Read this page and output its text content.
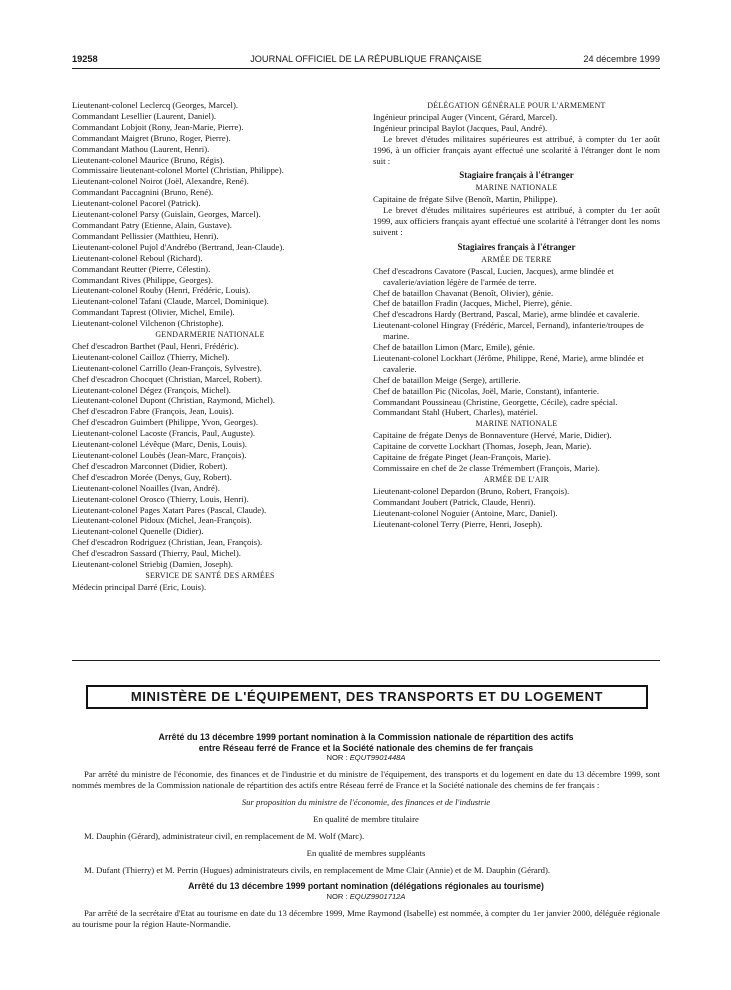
19258	JOURNAL OFFICIEL DE LA RÉPUBLIQUE FRANÇAISE	24 décembre 1999
Lieutenant-colonel Leclercq (Georges, Marcel).
Commandant Lesellier (Laurent, Daniel).
Commandant Lobjoit (Rony, Jean-Marie, Pierre).
Commandant Maigret (Bruno, Roger, Pierre).
Commandant Mathou (Laurent, Henri).
Lieutenant-colonel Maurice (Bruno, Régis).
Commissaire lieutenant-colonel Mortel (Christian, Philippe).
Lieutenant-colonel Noirot (Joël, Alexandre, René).
Commandant Paccagnini (Bruno, René).
Lieutenant-colonel Pacorel (Patrick).
Lieutenant-colonel Parsy (Guislain, Georges, Marcel).
Commandant Patry (Etienne, Alain, Gustave).
Commandant Pellissier (Matthieu, Henri).
Lieutenant-colonel Pujol d'Andrébo (Bertrand, Jean-Claude).
Lieutenant-colonel Reboul (Richard).
Commandant Reutter (Pierre, Célestin).
Commandant Rives (Philippe, Georges).
Lieutenant-colonel Rouby (Henri, Frédéric, Louis).
Lieutenant-colonel Tafani (Claude, Marcel, Dominique).
Commandant Taprest (Olivier, Michel, Emile).
Lieutenant-colonel Vilchenon (Christophe).
GENDARMERIE NATIONALE
Chef d'escadron Barthet (Paul, Henri, Frédéric).
Lieutenant-colonel Cailloz (Thierry, Michel).
Lieutenant-colonel Carrillo (Jean-François, Sylvestre).
Chef d'escadron Chocquet (Christian, Marcel, Robert).
Lieutenant-colonel Dégez (François, Michel).
Lieutenant-colonel Dupont (Christian, Raymond, Michel).
Chef d'escadron Fabre (François, Jean, Louis).
Chef d'escadron Guimbert (Philippe, Yvon, Georges).
Lieutenant-colonel Lacoste (Francis, Paul, Auguste).
Lieutenant-colonel Lévêque (Marc, Denis, Louis).
Lieutenant-colonel Loubès (Jean-Marc, François).
Chef d'escadron Marconnet (Didier, Robert).
Chef d'escadron Morée (Denys, Guy, Robert).
Lieutenant-colonel Noailles (Ivan, André).
Lieutenant-colonel Orosco (Thierry, Louis, Henri).
Lieutenant-colonel Pages Xatart Pares (Pascal, Claude).
Lieutenant-colonel Pidoux (Michel, Jean-François).
Lieutenant-colonel Quenelle (Didier).
Chef d'escadron Rodriguez (Christian, Jean, François).
Chef d'escadron Sassard (Thierry, Paul, Michel).
Lieutenant-colonel Striebig (Damien, Joseph).
SERVICE DE SANTÉ DES ARMÉES
Médecin principal Darré (Eric, Louis).
DÉLÉGATION GÉNÉRALE POUR L'ARMEMENT
Ingénieur principal Auger (Vincent, Gérard, Marcel).
Ingénieur principal Baylot (Jacques, Paul, André).
Le brevet d'études militaires supérieures est attribué, à compter du 1er août 1996, à un officier français ayant effectué une scolarité à l'étranger dont le nom suit :
Stagiaire français à l'étranger
MARINE NATIONALE
Capitaine de frégate Silve (Benoît, Martin, Philippe).
Le brevet d'études militaires supérieures est attribué, à compter du 1er août 1999, aux officiers français ayant effectué une scolarité à l'étranger dont les noms suivent :
Stagiaires français à l'étranger
ARMÉE DE TERRE
Chef d'escadrons Cavatore (Pascal, Lucien, Jacques), arme blindée et cavalerie/aviation légère de l'armée de terre.
Chef de bataillon Chavanat (Benoît, Olivier), génie.
Chef de bataillon Fradin (Jacques, Michel, Pierre), génie.
Chef d'escadrons Hardy (Bertrand, Pascal, Marie), arme blindée et cavalerie.
Lieutenant-colonel Hingray (Frédéric, Marcel, Fernand), infanterie/troupes de marine.
Chef de bataillon Limon (Marc, Emile), génie.
Lieutenant-colonel Lockhart (Jérôme, Philippe, René, Marie), arme blindée et cavalerie.
Chef de bataillon Meige (Serge), artillerie.
Chef de bataillon Pic (Nicolas, Joël, Marie, Constant), infanterie.
Commandant Poussineau (Christine, Georgette, Cécile), cadre spécial.
Commandant Stahl (Hubert, Charles), matériel.
MARINE NATIONALE
Capitaine de frégate Denys de Bonnaventure (Hervé, Marie, Didier).
Capitaine de corvette Lockhart (Thomas, Joseph, Jean, Marie).
Capitaine de frégate Pinget (Jean-François, Marie).
Commissaire en chef de 2e classe Trémembert (François, Marie).
ARMÉE DE L'AIR
Lieutenant-colonel Depardon (Bruno, Robert, François).
Commandant Joubert (Patrick, Claude, Henri).
Lieutenant-colonel Noguier (Antoine, Marc, Daniel).
Lieutenant-colonel Terry (Pierre, Henri, Joseph).
MINISTÈRE DE L'ÉQUIPEMENT, DES TRANSPORTS ET DU LOGEMENT
Arrêté du 13 décembre 1999 portant nomination à la Commission nationale de répartition des actifs
entre Réseau ferré de France et la Société nationale des chemins de fer français
NOR : EQUT9901448A
Par arrêté du ministre de l'économie, des finances et de l'industrie et du ministre de l'équipement, des transports et du logement en date du 13 décembre 1999, sont nommés membres de la Commission nationale de répartition des actifs entre Réseau ferré de France et la Société nationale des chemins de fer français :
Sur proposition du ministre de l'économie, des finances et de l'industrie
En qualité de membre titulaire
M. Dauphin (Gérard), administrateur civil, en remplacement de M. Wolf (Marc).
En qualité de membres suppléants
M. Dufant (Thierry) et M. Perrin (Hugues) administrateurs civils, en remplacement de Mme Clair (Annie) et de M. Dauphin (Gérard).
Arrêté du 13 décembre 1999 portant nomination (délégations régionales au tourisme)
NOR : EQUZ9901712A
Par arrêté de la secrétaire d'Etat au tourisme en date du 13 décembre 1999, Mme Raymond (Isabelle) est nommée, à compter du 1er janvier 2000, déléguée régionale au tourisme pour la région Haute-Normandie.
